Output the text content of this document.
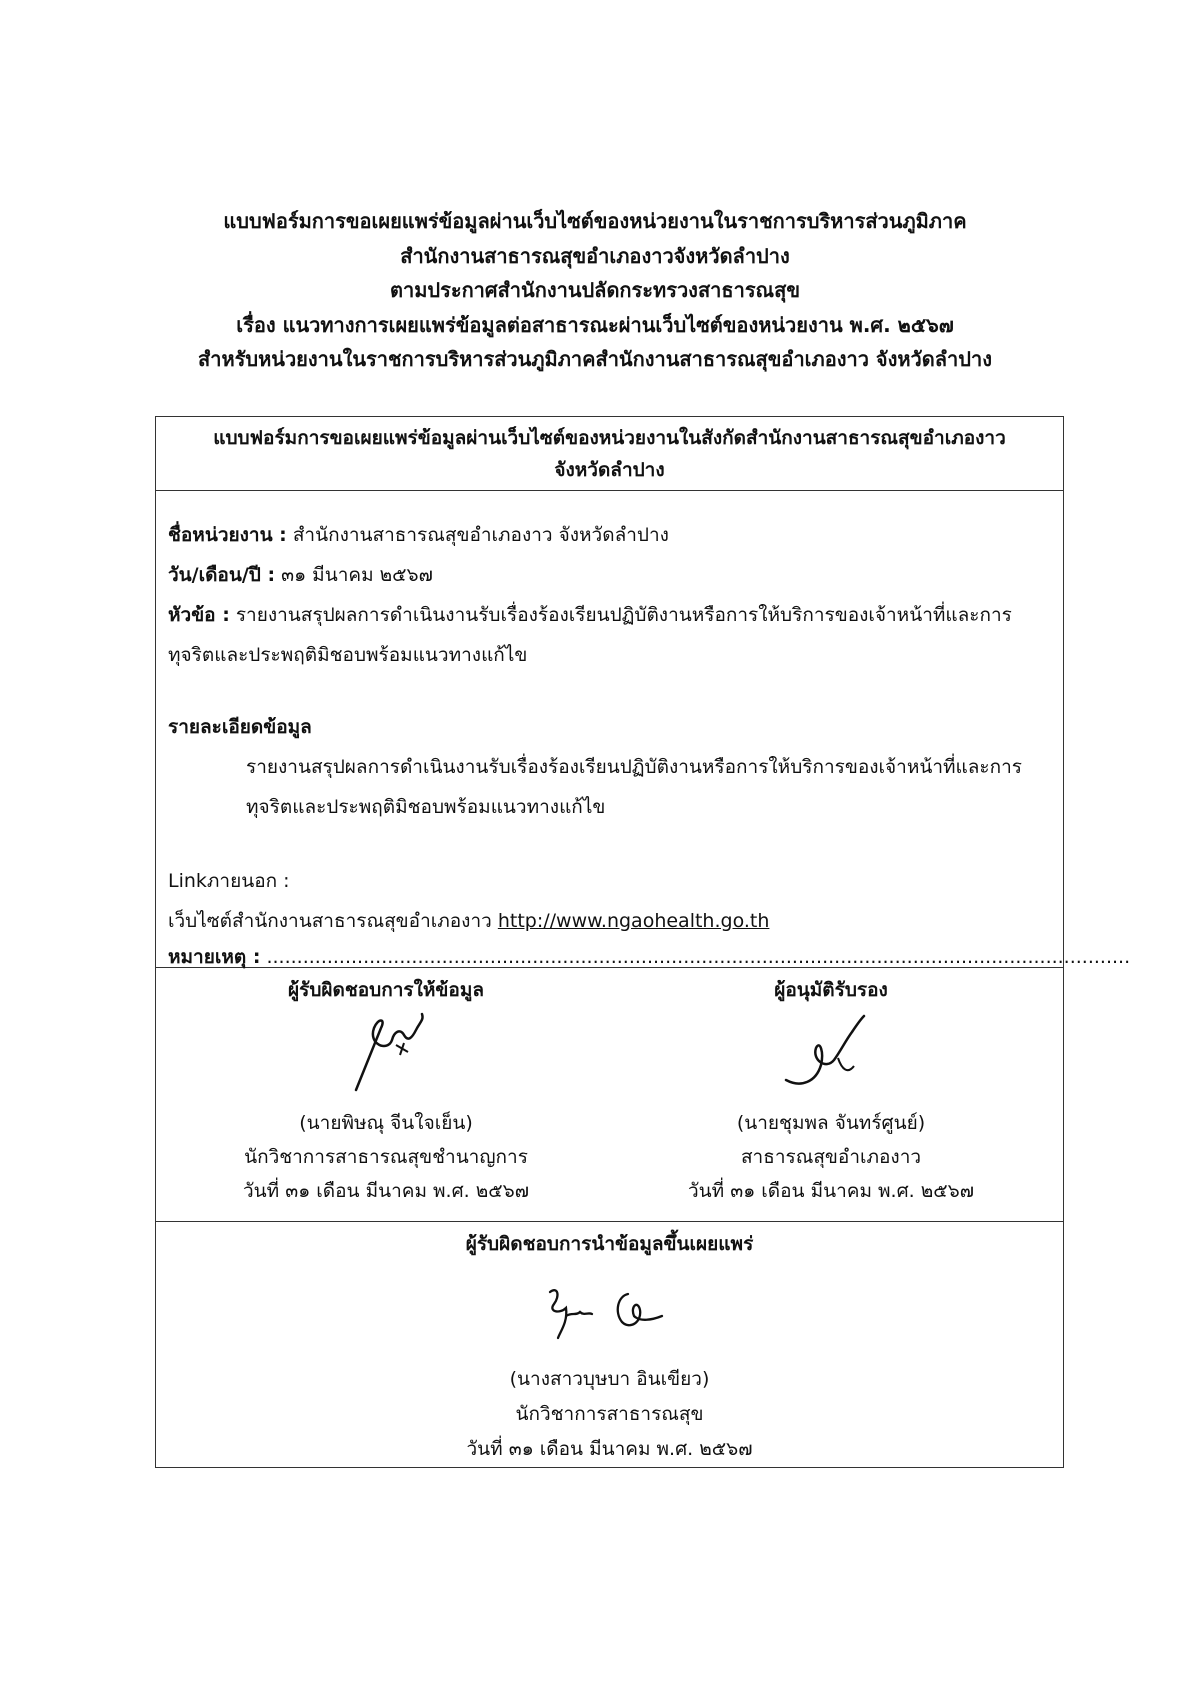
แบบฟอร์มการขอเผยแพร่ข้อมูลผ่านเว็บไซต์ของหน่วยงานในราชการบริหารส่วนภูมิภาค
สำนักงานสาธารณสุขอำเภองาวจังหวัดลำปาง
ตามประกาศสำนักงานปลัดกระทรวงสาธารณสุข
เรื่อง แนวทางการเผยแพร่ข้อมูลต่อสาธารณะผ่านเว็บไซต์ของหน่วยงาน พ.ศ. ๒๕๖๗
สำหรับหน่วยงานในราชการบริหารส่วนภูมิภาคสำนักงานสาธารณสุขอำเภองาว จังหวัดลำปาง
แบบฟอร์มการขอเผยแพร่ข้อมูลผ่านเว็บไซต์ของหน่วยงานในสังกัดสำนักงานสาธารณสุขอำเภองาว
จังหวัดลำปาง
ชื่อหน่วยงาน : สำนักงานสาธารณสุขอำเภองาว จังหวัดลำปาง
วัน/เดือน/ปี : ๓๑ มีนาคม ๒๕๖๗
หัวข้อ : รายงานสรุปผลการดำเนินงานรับเรื่องร้องเรียนปฏิบัติงานหรือการให้บริการของเจ้าหน้าที่และการทุจริตและประพฤติมิชอบพร้อมแนวทางแก้ไข
รายละเอียดข้อมูล
รายงานสรุปผลการดำเนินงานรับเรื่องร้องเรียนปฏิบัติงานหรือการให้บริการของเจ้าหน้าที่และการทุจริตและประพฤติมิชอบพร้อมแนวทางแก้ไข
Linkภายนอก :
เว็บไซต์สำนักงานสาธารณสุขอำเภองาว http://www.ngaohealth.go.th
หมายเหตุ : ...............................................................................................................................................
ผู้รับผิดชอบการให้ข้อมูล
(นายพิษณุ จีนใจเย็น)
นักวิชาการสาธารณสุขชำนาญการ
วันที่ ๓๑ เดือน มีนาคม พ.ศ. ๒๕๖๗
ผู้อนุมัติรับรอง
(นายชุมพล จันทร์ศูนย์)
สาธารณสุขอำเภองาว
วันที่ ๓๑ เดือน มีนาคม พ.ศ. ๒๕๖๗
ผู้รับผิดชอบการนำข้อมูลขึ้นเผยแพร่
(นางสาวบุษบา อินเขียว)
นักวิชาการสาธารณสุข
วันที่ ๓๑ เดือน มีนาคม พ.ศ. ๒๕๖๗
